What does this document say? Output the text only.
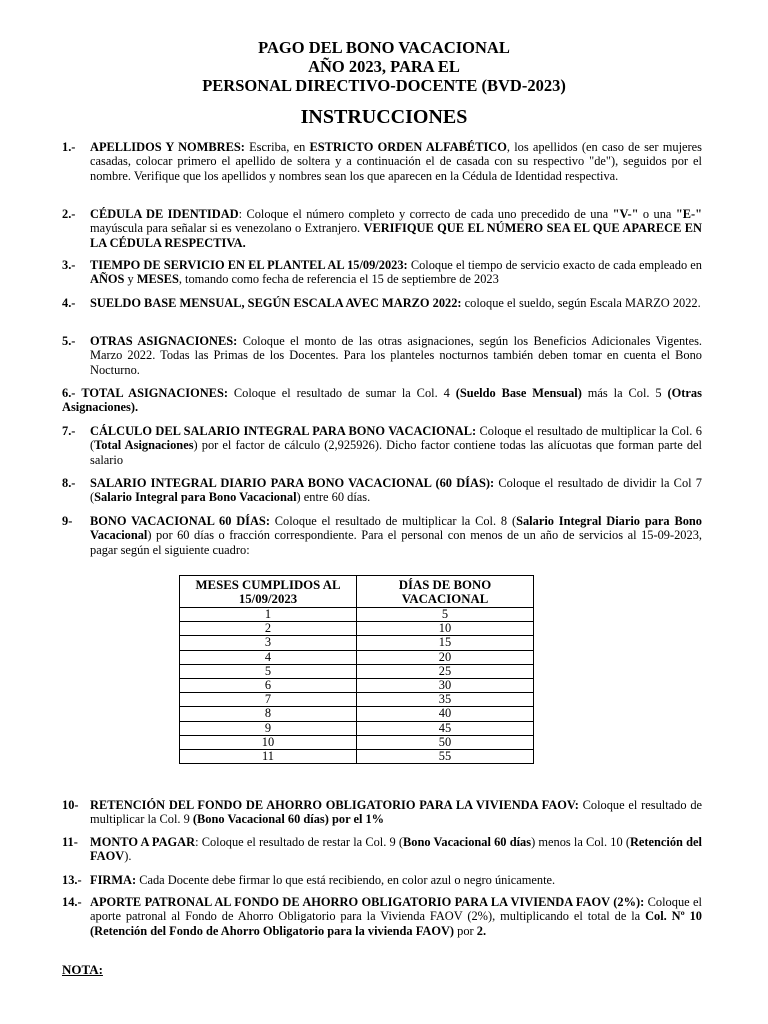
PAGO DEL BONO VACACIONAL
AÑO 2023, PARA EL
PERSONAL DIRECTIVO-DOCENTE (BVD-2023)
INSTRUCCIONES
1.- APELLIDOS Y NOMBRES: Escriba, en ESTRICTO ORDEN ALFABÉTICO, los apellidos (en caso de ser mujeres casadas, colocar primero el apellido de soltera y a continuación el de casada con su respectivo "de"), seguidos por el nombre. Verifique que los apellidos y nombres sean los que aparecen en la Cédula de Identidad respectiva.
2.- CÉDULA DE IDENTIDAD: Coloque el número completo y correcto de cada uno precedido de una "V-" o una "E-" mayúscula para señalar si es venezolano o Extranjero. VERIFIQUE QUE EL NÚMERO SEA EL QUE APARECE EN LA CÉDULA RESPECTIVA.
3.- TIEMPO DE SERVICIO EN EL PLANTEL AL 15/09/2023: Coloque el tiempo de servicio exacto de cada empleado en AÑOS y MESES, tomando como fecha de referencia el 15 de septiembre de 2023
4.- SUELDO BASE MENSUAL, SEGÚN ESCALA AVEC MARZO 2022: coloque el sueldo, según Escala MARZO 2022.
5.- OTRAS ASIGNACIONES: Coloque el monto de las otras asignaciones, según los Beneficios Adicionales Vigentes. Marzo 2022. Todas las Primas de los Docentes. Para los planteles nocturnos también deben tomar en cuenta el Bono Nocturno.
6.- TOTAL ASIGNACIONES: Coloque el resultado de sumar la Col. 4 (Sueldo Base Mensual) más la Col. 5 (Otras Asignaciones).
7.- CÁLCULO DEL SALARIO INTEGRAL PARA BONO VACACIONAL: Coloque el resultado de multiplicar la Col. 6 (Total Asignaciones) por el factor de cálculo (2,925926). Dicho factor contiene todas las alícuotas que forman parte del salario
8.- SALARIO INTEGRAL DIARIO PARA BONO VACACIONAL (60 DÍAS): Coloque el resultado de dividir la Col 7 (Salario Integral para Bono Vacacional) entre 60 días.
9- BONO VACACIONAL 60 DÍAS: Coloque el resultado de multiplicar la Col. 8 (Salario Integral Diario para Bono Vacacional) por 60 días o fracción correspondiente. Para el personal con menos de un año de servicios al 15-09-2023, pagar según el siguiente cuadro:
MESES CUMPLIDOS AL 15/09/2023	DÍAS DE BONO VACACIONAL
1	5
2	10
3	15
4	20
5	25
6	30
7	35
8	40
9	45
10	50
11	55
10- RETENCIÓN DEL FONDO DE AHORRO OBLIGATORIO PARA LA VIVIENDA FAOV: Coloque el resultado de multiplicar la Col. 9 (Bono Vacacional 60 días) por el 1%
11- MONTO A PAGAR: Coloque el resultado de restar la Col. 9 (Bono Vacacional 60 días) menos la Col. 10 (Retención del FAOV).
13.- FIRMA: Cada Docente debe firmar lo que está recibiendo, en color azul o negro únicamente.
14.- APORTE PATRONAL AL FONDO DE AHORRO OBLIGATORIO PARA LA VIVIENDA FAOV (2%): Coloque el aporte patronal al Fondo de Ahorro Obligatorio para la Vivienda FAOV (2%), multiplicando el total de la Col. Nº 10 (Retención del Fondo de Ahorro Obligatorio para la vivienda FAOV) por 2.
NOTA:
